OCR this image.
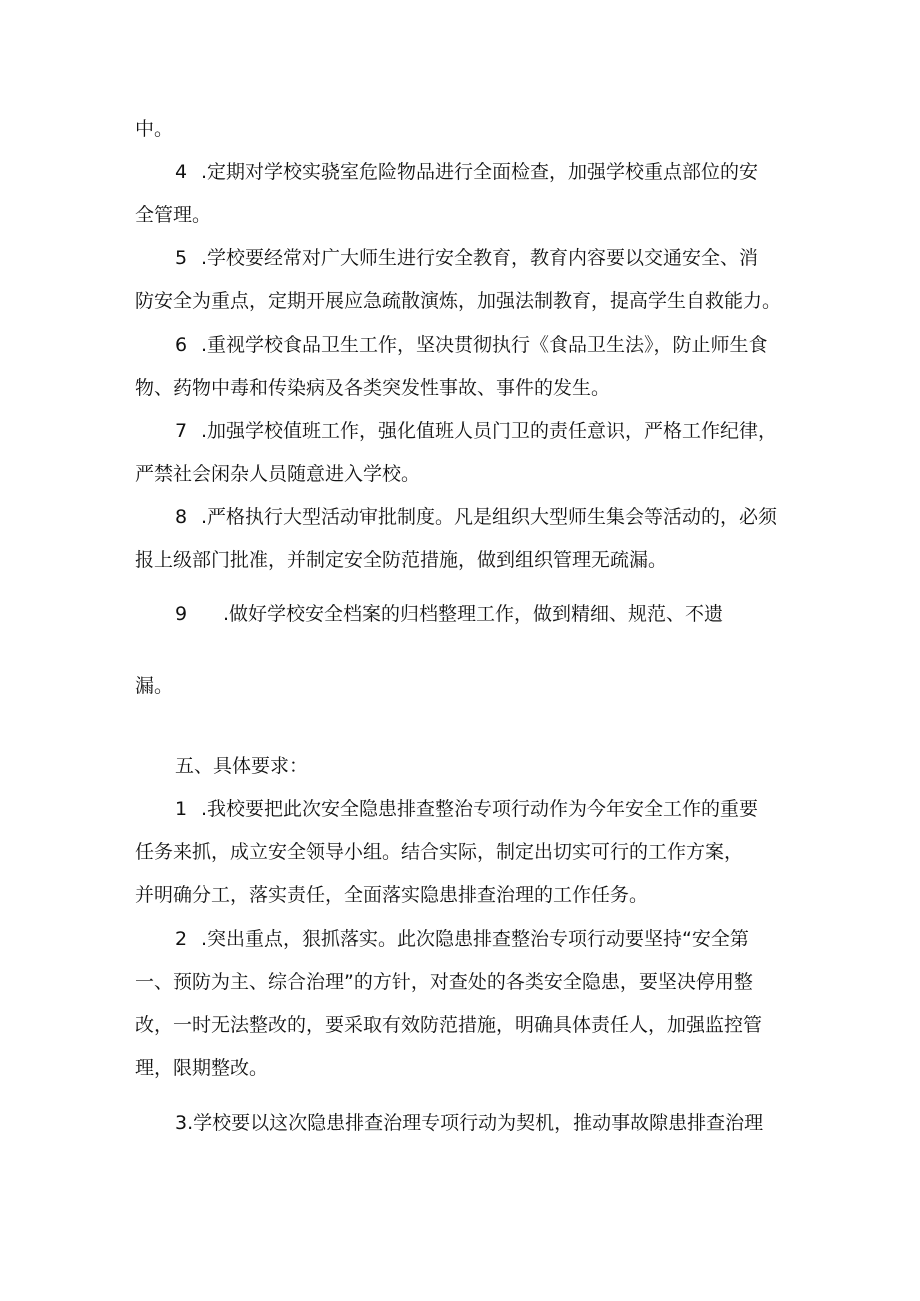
中。

4 .定期对学校实骁室危险物品进行全面检查，加强学校重点部位的安

全管理。

5 .学校要经常对广大师生进行安全教育，教育内容要以交通安全、消

防安全为重点，定期开展应急疏散演炼，加强法制教育，提高学生自救能力。

6 .重视学校食品卫生工作，坚决贯彻执行《食品卫生法》，防止师生食

物、药物中毒和传染病及各类突发性事故、事件的发生。

7 .加强学校值班工作，强化值班人员门卫的责任意识，严格工作纪律，

严禁社会闲杂人员随意进入学校。

8 .严格执行大型活动审批制度。凡是组织大型师生集会等活动的，必须

报上级部门批准，并制定安全防范措施，做到组织管理无疏漏。

9 .做好学校安全档案的归档整理工作，做到精细、规范、不遗

漏。

五、具体要求：

1 .我校要把此次安全隐患排查整治专项行动作为今年安全工作的重要

任务来抓，成立安全领导小组。结合实际，制定出切实可行的工作方案，

并明确分工，落实责任，全面落实隐患排查治理的工作任务。

2 .突出重点，狠抓落实。此次隐患排查整治专项行动要坚持“安全第

一、预防为主、综合治理”的方针，对查处的各类安全隐患，要坚决停用整

改，一时无法整改的，要采取有效防范措施，明确具体责任人，加强监控管

理，限期整改。

3.学校要以这次隐患排查治理专项行动为契机，推动事故隙患排查治理
